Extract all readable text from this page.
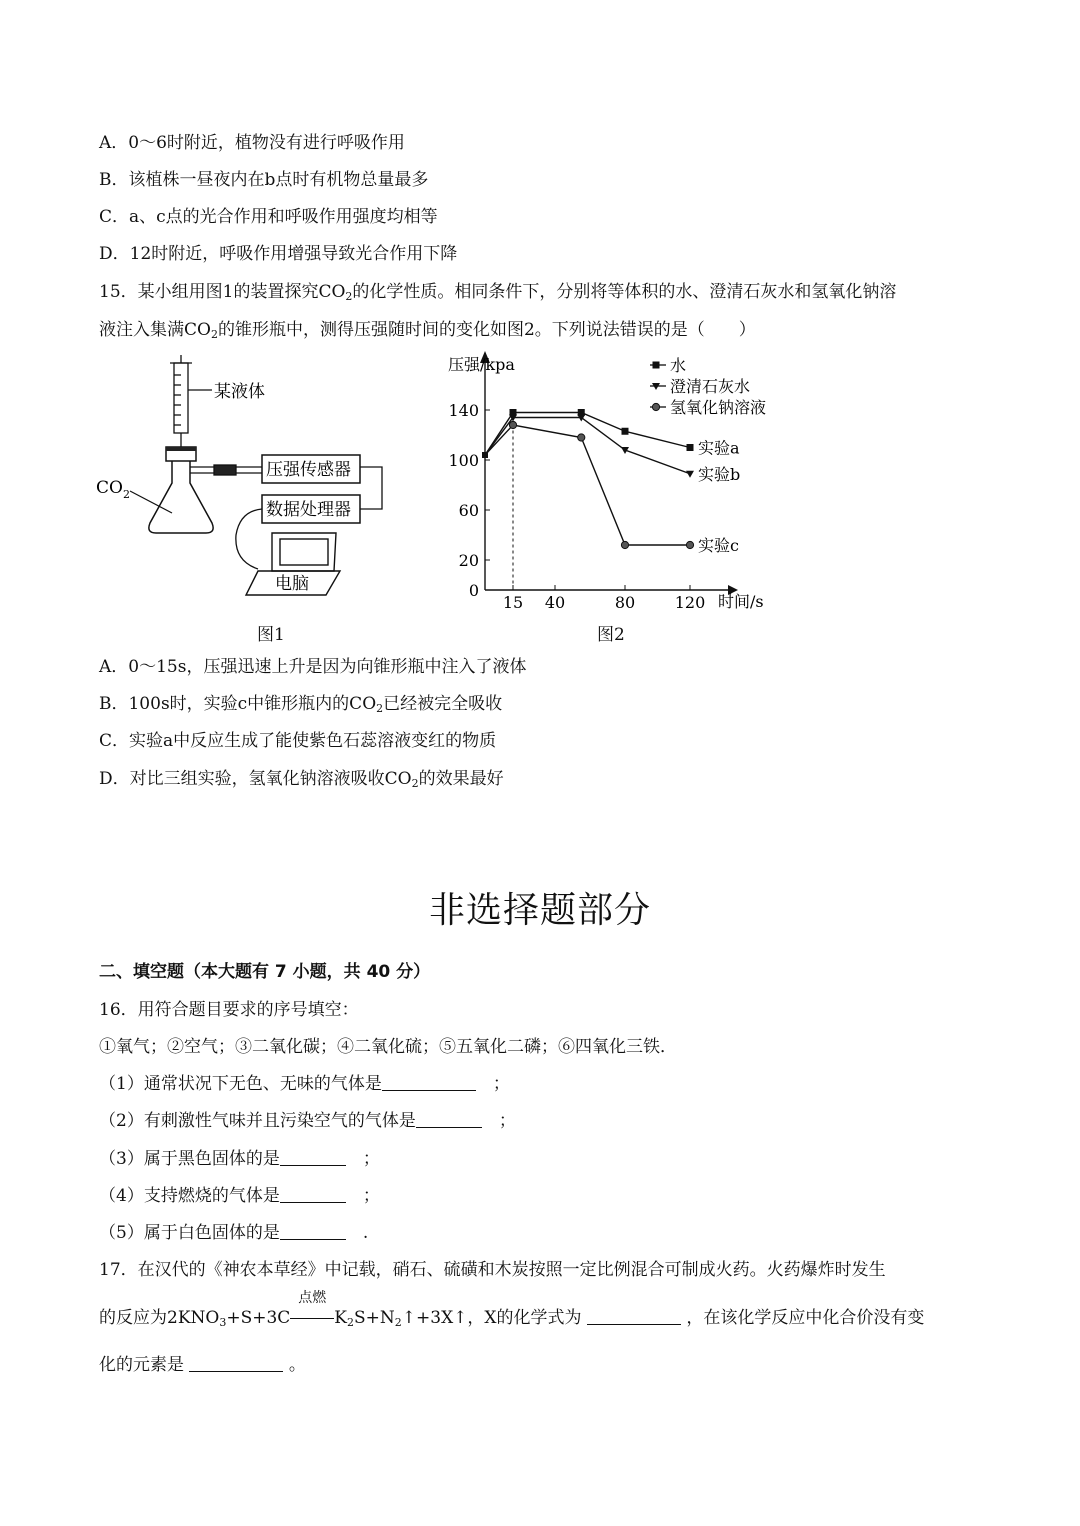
A．0～6时附近，植物没有进行呼吸作用
B．该植株一昼夜内在b点时有机物总量最多
C．a、c点的光合作用和呼吸作用强度均相等
D．12时附近，呼吸作用增强导致光合作用下降
15．某小组用图1的装置探究$CO_2$的化学性质。相同条件下，分别将等体积的水、澄清石灰水和氢氧化钠溶
液注入集满$CO_2$的锥形瓶中，测得压强随时间的变化如图2。下列说法错误的是（　　）
某液体
$CO_2$
压强传感器
数据处理器
电脑
图1
压强/kpa
时间/s
0
20
60
100
140
15 40	80 120
实验a
实验b
实验c
水
澄清石灰水
氢氧化钠溶液
图2
A．0～15s，压强迅速上升是因为向锥形瓶中注入了液体
B．100s时，实验c中锥形瓶内的$CO_2$已经被完全吸收
C．实验a中反应生成了能使紫色石蕊溶液变红的物质
D．对比三组实验，氢氧化钠溶液吸收$CO_2$的效果最好
非选择题部分
二、填空题（本大题有 7 小题，共 40 分）
16．用符合题目要求的序号填空：
①氧气；②空气；③二氧化碳；④二氧化硫；⑤五氧化二磷；⑥四氧化三铁．
（1）通常状况下无色、无味的气体是　	；
（2）有刺激性气味并且污染空气的气体是　	；
（3）属于黑色固体的是　	；
（4）支持燃烧的气体是　	；
（5）属于白色固体的是　	.
17．在汉代的《神农本草经》中记载，硝石、硫磺和木炭按照一定比例混合可制成火药。火药爆炸时发生
的反应为$2KNO_3+S+3C$
点燃
$K_2S+N_2↑+3X↑$，X的化学式为	，在该化学反应中化合价没有变
化的元素是	。
